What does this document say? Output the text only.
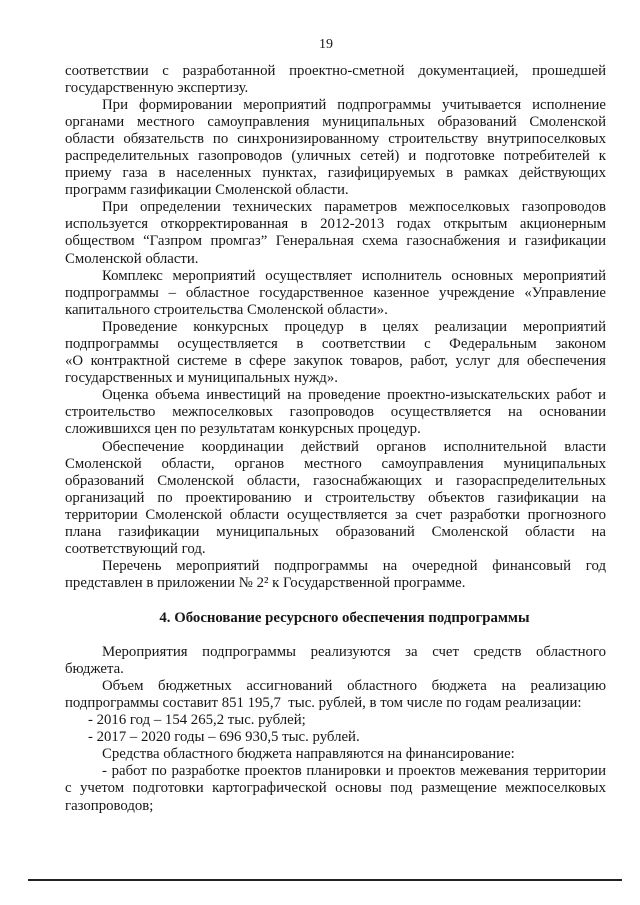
19
соответствии с разработанной проектно-сметной документацией, прошедшей
государственную экспертизу.
При формировании мероприятий подпрограммы учитывается исполнение
органами местного самоуправления муниципальных образований Смоленской
области обязательств по синхронизированному строительству внутрипоселковых
распределительных газопроводов (уличных сетей) и подготовке потребителей к
приему газа в населенных пунктах, газифицируемых в рамках действующих
программ газификации Смоленской области.
При определении технических параметров межпоселковых газопроводов
используется откорректированная в 2012-2013 годах открытым акционерным
обществом “Газпром промгаз” Генеральная схема газоснабжения и газификации
Смоленской области.
Комплекс мероприятий осуществляет исполнитель основных мероприятий
подпрограммы – областное государственное казенное учреждение «Управление
капитального строительства Смоленской области».
Проведение конкурсных процедур в целях реализации мероприятий
подпрограммы осуществляется в соответствии с Федеральным законом
«О контрактной системе в сфере закупок товаров, работ, услуг для обеспечения
государственных и муниципальных нужд».
Оценка объема инвестиций на проведение проектно-изыскательских работ и
строительство межпоселковых газопроводов осуществляется на основании
сложившихся цен по результатам конкурсных процедур.
Обеспечение координации действий органов исполнительной власти
Смоленской области, органов местного самоуправления муниципальных
образований Смоленской области, газоснабжающих и газораспределительных
организаций по проектированию и строительству объектов газификации на
территории Смоленской области осуществляется за счет разработки прогнозного
плана газификации муниципальных образований Смоленской области на
соответствующий год.
Перечень мероприятий подпрограммы на очередной финансовый год
представлен в приложении № 2² к Государственной программе.
4. Обоснование ресурсного обеспечения подпрограммы
Мероприятия подпрограммы реализуются за счет средств областного
бюджета.
Объем бюджетных ассигнований областного бюджета на реализацию
подпрограммы составит 851 195,7  тыс. рублей, в том числе по годам реализации:
- 2016 год – 154 265,2 тыс. рублей;
- 2017 – 2020 годы – 696 930,5 тыс. рублей.
Средства областного бюджета направляются на финансирование:
- работ по разработке проектов планировки и проектов межевания территории
с учетом подготовки картографической основы под размещение межпоселковых
газопроводов;
